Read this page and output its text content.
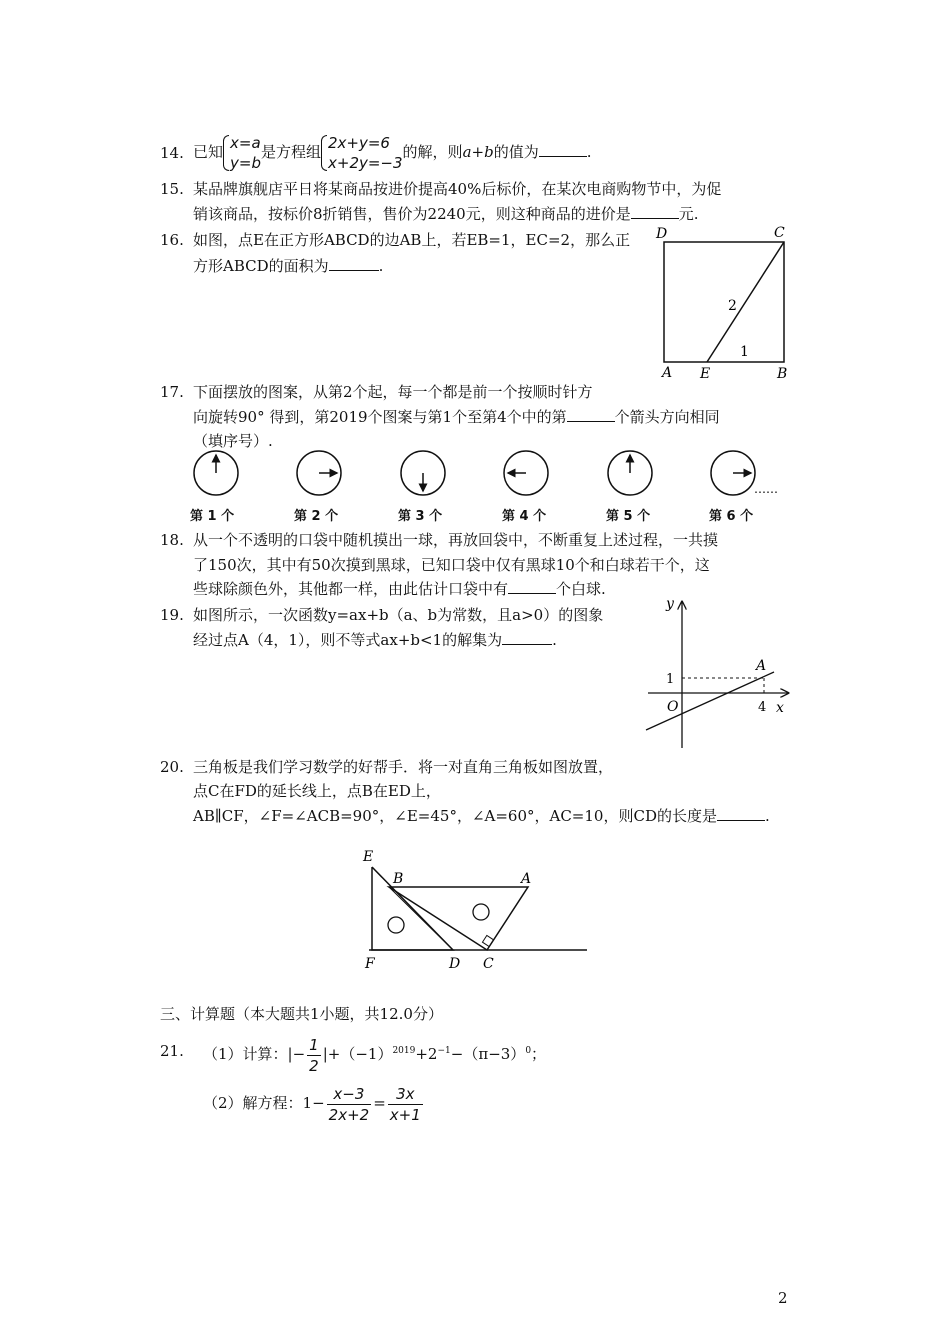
14. 已知 x=a
y=b
是方程组 2x+y=6
x+2y=−3
的解，则a+b的值为	.
15. 某品牌旗舰店平日将某商品按进价提高40%后标价，在某次电商购物节中，为促
销该商品，按标价8折销售，售价为2240元，则这种商品的进价是	元.
16. 如图，点E在正方形ABCD的边AB上，若EB=1，EC=2，那么正
方形ABCD的面积为	.
D	C
A E	B
2
1
17. 下面摆放的图案，从第2个起，每一个都是前一个按顺时针方
向旋转90° 得到，第2019个图案与第1个至第4个中的第	个箭头方向相同
（填序号）.
……
第 1 个	第 2 个	第 3 个	第 4 个	第 5 个	第 6 个
18. 从一个不透明的口袋中随机摸出一球，再放回袋中，不断重复上述过程，一共摸
了150次，其中有50次摸到黑球，已知口袋中仅有黑球10个和白球若干个，这
些球除颜色外，其他都一样，由此估计口袋中有	个白球.
19. 如图所示，一次函数y=ax+b（a、b为常数，且a>0）的图象
经过点A（4，1），则不等式ax+b<1的解集为	.
y
x
O
A
1
4
20. 三角板是我们学习数学的好帮手．将一对直角三角板如图放置，
点C在FD的延长线上，点B在ED上，
AB∥CF，∠F=∠ACB=90°，∠E=45°，∠A=60°，AC=10，则CD的长度是	.
E
B	A
F	D C
三、计算题（本大题共1小题，共12.0分）
21. （1）计算：|− $\frac{1}{2} |+(-1)^{2019}+2^{-1}-(\pi-3)^0$；
（2）解方程：$1- \frac{x-3}{2x+2} = \frac{3x}{x+1}$
2
